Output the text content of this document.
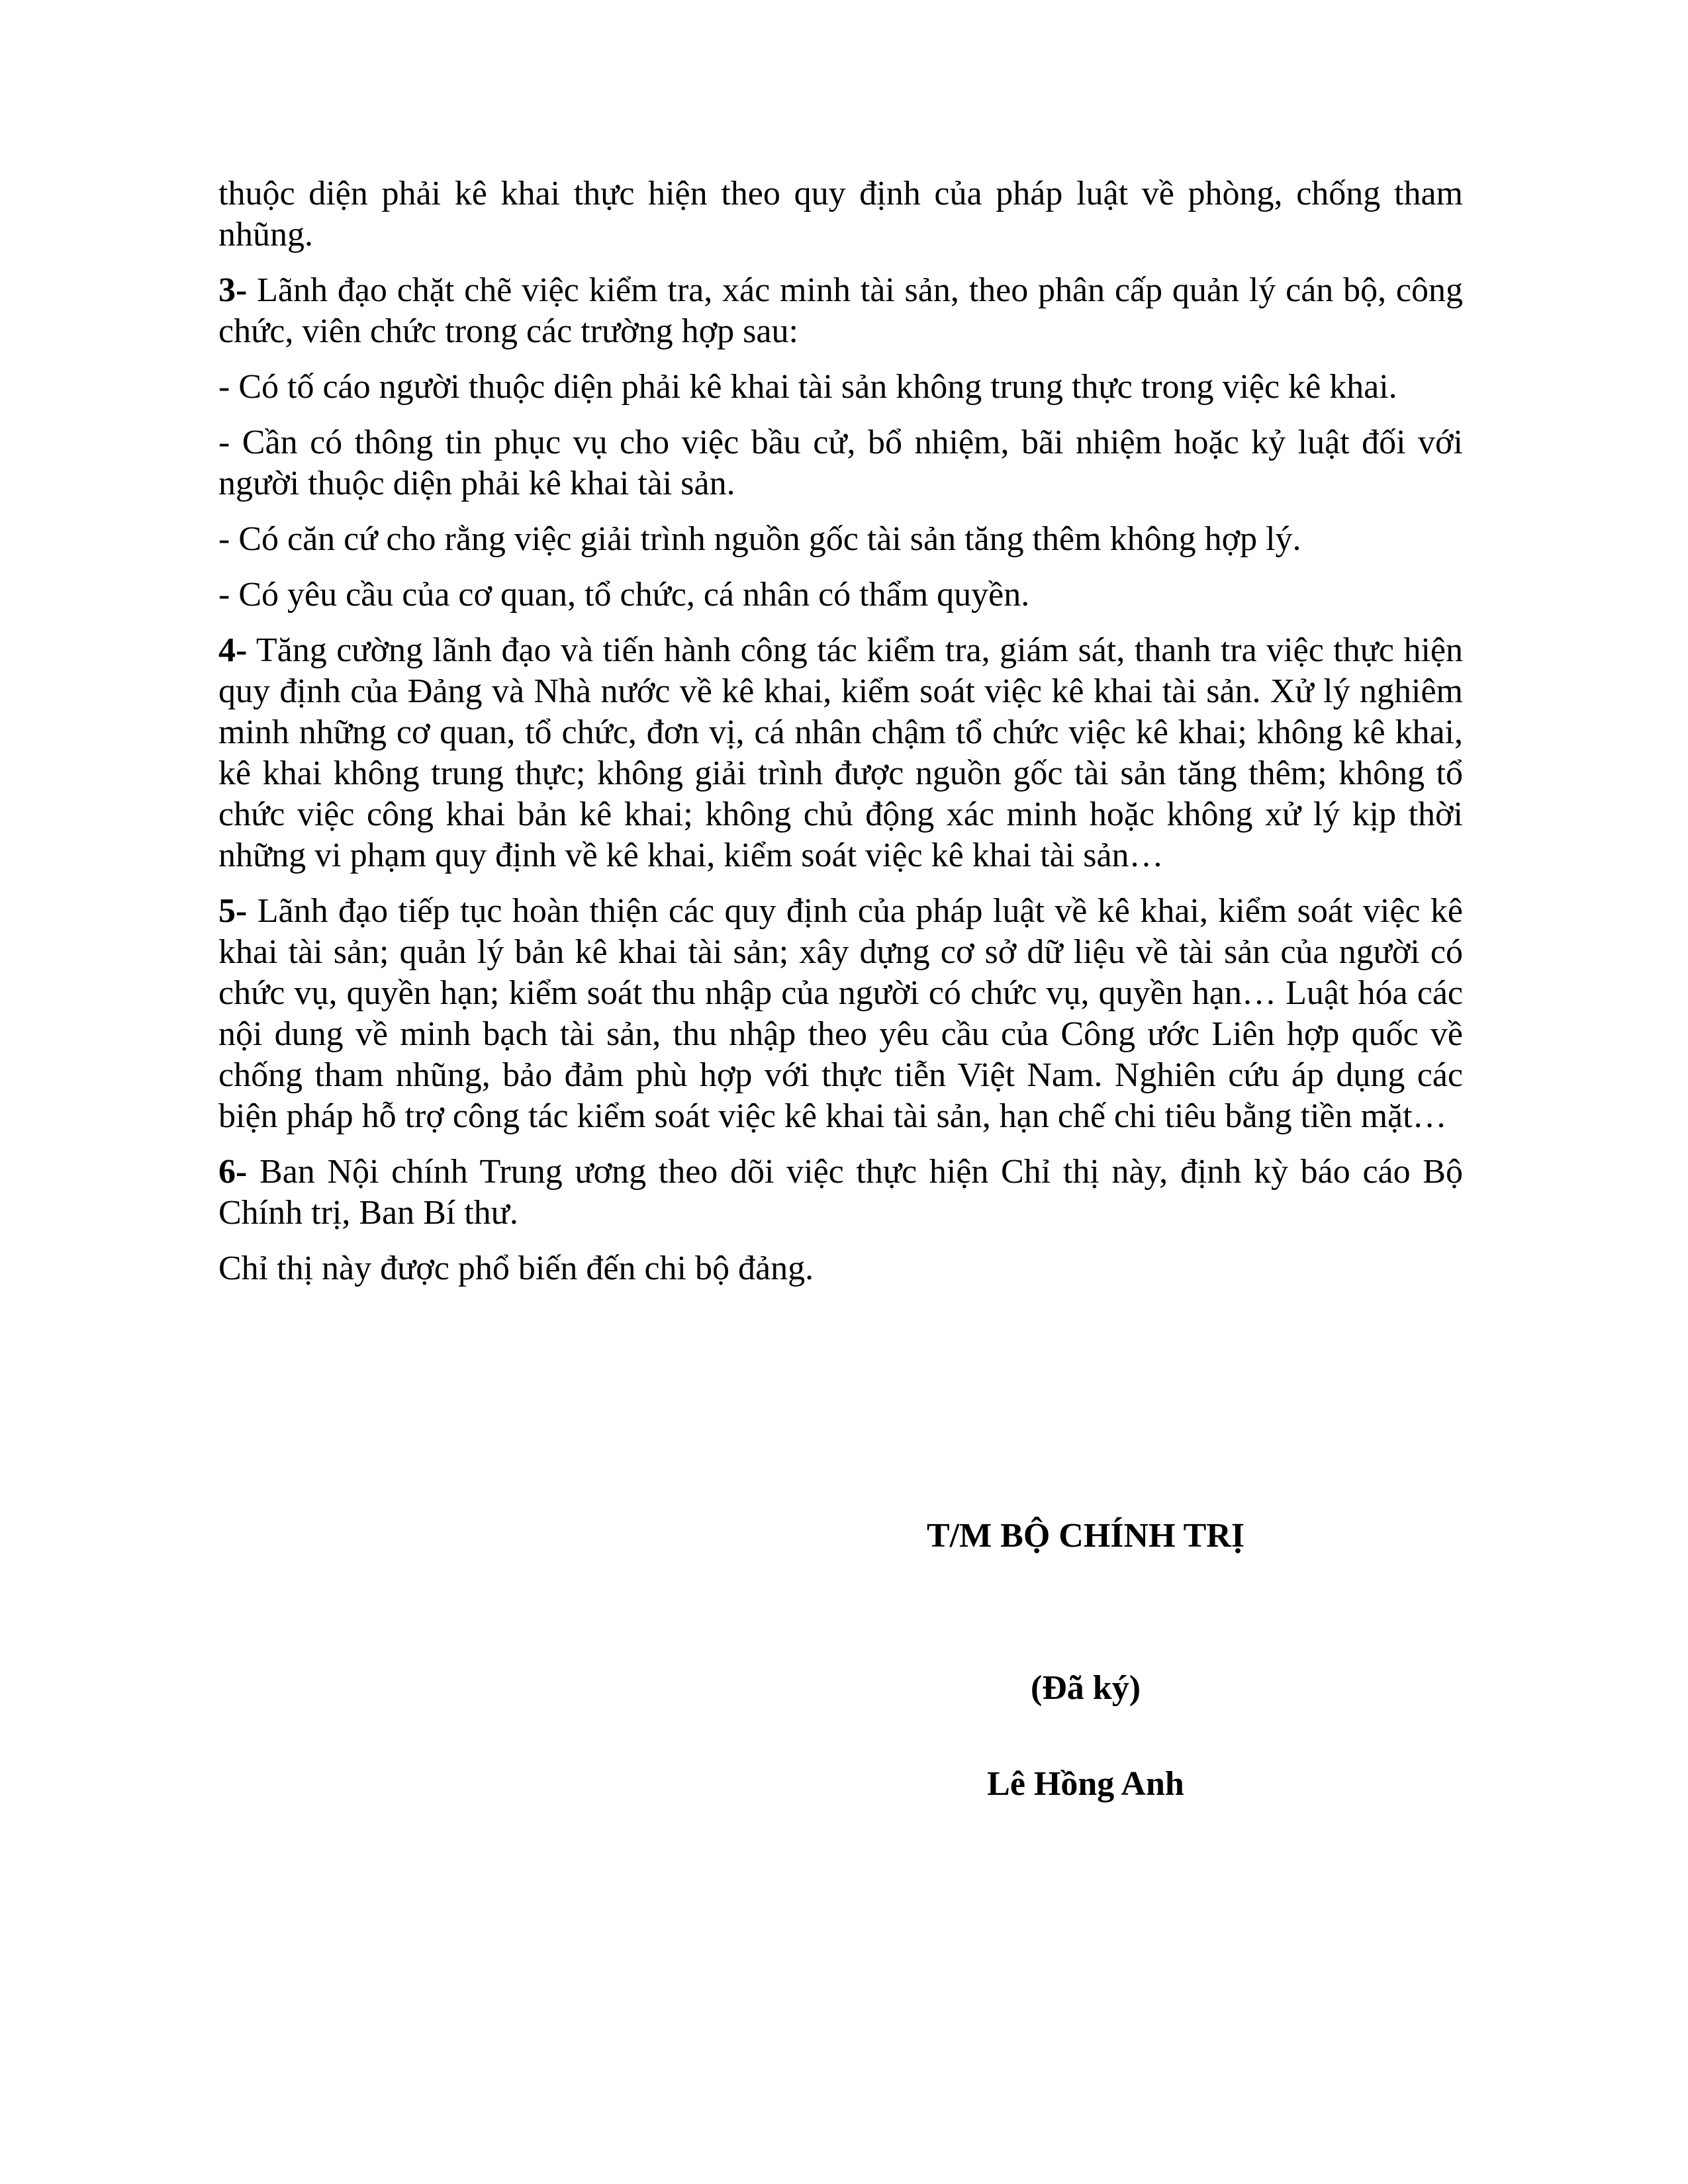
thuộc diện phải kê khai thực hiện theo quy định của pháp luật về phòng, chống tham nhũng.

3- Lãnh đạo chặt chẽ việc kiểm tra, xác minh tài sản, theo phân cấp quản lý cán bộ, công chức, viên chức trong các trường hợp sau:

- Có tố cáo người thuộc diện phải kê khai tài sản không trung thực trong việc kê khai.

- Cần có thông tin phục vụ cho việc bầu cử, bổ nhiệm, bãi nhiệm hoặc kỷ luật đối với người thuộc diện phải kê khai tài sản.

- Có căn cứ cho rằng việc giải trình nguồn gốc tài sản tăng thêm không hợp lý.

- Có yêu cầu của cơ quan, tổ chức, cá nhân có thẩm quyền.

4- Tăng cường lãnh đạo và tiến hành công tác kiểm tra, giám sát, thanh tra việc thực hiện quy định của Đảng và Nhà nước về kê khai, kiểm soát việc kê khai tài sản. Xử lý nghiêm minh những cơ quan, tổ chức, đơn vị, cá nhân chậm tổ chức việc kê khai; không kê khai, kê khai không trung thực; không giải trình được nguồn gốc tài sản tăng thêm; không tổ chức việc công khai bản kê khai; không chủ động xác minh hoặc không xử lý kịp thời những vi phạm quy định về kê khai, kiểm soát việc kê khai tài sản…

5- Lãnh đạo tiếp tục hoàn thiện các quy định của pháp luật về kê khai, kiểm soát việc kê khai tài sản; quản lý bản kê khai tài sản; xây dựng cơ sở dữ liệu về tài sản của người có chức vụ, quyền hạn; kiểm soát thu nhập của người có chức vụ, quyền hạn… Luật hóa các nội dung về minh bạch tài sản, thu nhập theo yêu cầu của Công ước Liên hợp quốc về chống tham nhũng, bảo đảm phù hợp với thực tiễn Việt Nam. Nghiên cứu áp dụng các biện pháp hỗ trợ công tác kiểm soát việc kê khai tài sản, hạn chế chi tiêu bằng tiền mặt…

6- Ban Nội chính Trung ương theo dõi việc thực hiện Chỉ thị này, định kỳ báo cáo Bộ Chính trị, Ban Bí thư.

Chỉ thị này được phổ biến đến chi bộ đảng.

T/M BỘ CHÍNH TRỊ
(Đã ký)
Lê Hồng Anh
